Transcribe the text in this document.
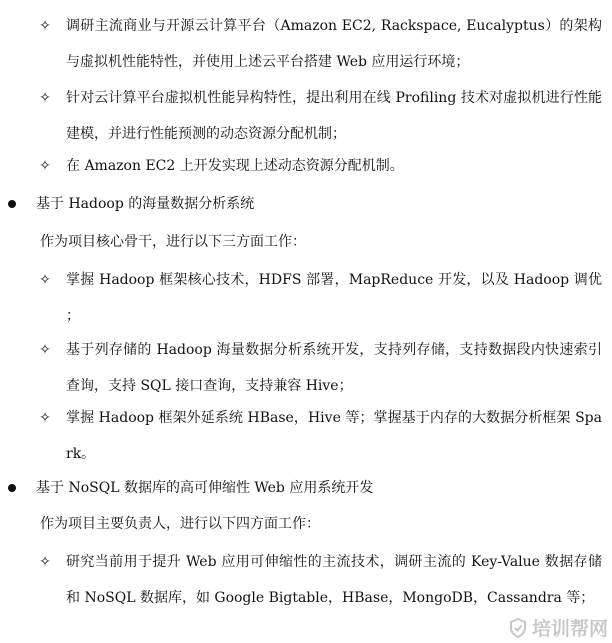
✧ 调研主流商业与开源云计算平台（Amazon EC2, Rackspace, Eucalyptus）的架构与虚拟机性能特性，并使用上述云平台搭建 Web 应用运行环境；
✧ 针对云计算平台虚拟机性能异构特性，提出利用在线 Profiling 技术对虚拟机进行性能建模，并进行性能预测的动态资源分配机制；
✧ 在 Amazon EC2 上开发实现上述动态资源分配机制。
基于 Hadoop 的海量数据分析系统
作为项目核心骨干，进行以下三方面工作：
✧ 掌握 Hadoop 框架核心技术，HDFS 部署，MapReduce 开发，以及 Hadoop 调优 ；
✧ 基于列存储的 Hadoop 海量数据分析系统开发，支持列存储，支持数据段内快速索引查询，支持 SQL 接口查询，支持兼容 Hive；
✧ 掌握 Hadoop 框架外延系统 HBase，Hive 等；掌握基于内存的大数据分析框架 Spark。
基于 NoSQL 数据库的高可伸缩性 Web 应用系统开发
作为项目主要负责人，进行以下四方面工作：
✧ 研究当前用于提升 Web 应用可伸缩性的主流技术，调研主流的 Key-Value 数据存储和 NoSQL 数据库，如 Google Bigtable，HBase，MongoDB，Cassandra 等；
培训帮网
